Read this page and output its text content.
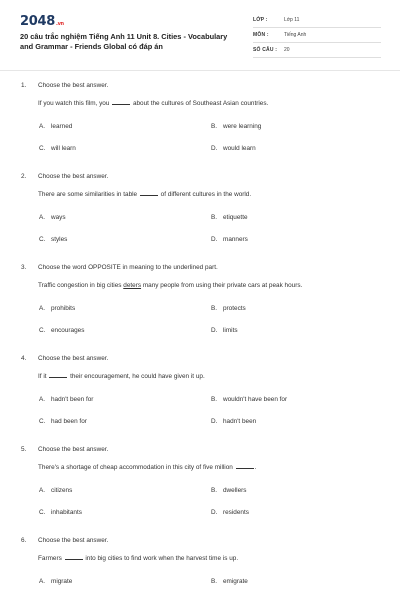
2048.vn
20 câu trắc nghiệm Tiếng Anh 11 Unit 8. Cities - Vocabulary and Grammar - Friends Global có đáp án
LỚP :	Lớp 11
MÔN :	Tiếng Anh
SỐ CÂU : 20
1. Choose the best answer.
If you watch this film, you	about the cultures of Southeast Asian countries.
A. learned	B. were learning
C. will learn	D. would learn
2. Choose the best answer.
There are some similarities in table	of different cultures in the world.
A. ways	B. etiquette
C. styles	D. manners
3. Choose the word OPPOSITE in meaning to the underlined part.
Traffic congestion in big cities deters many people from using their private cars at peak hours.
A. prohibits	B. protects
C. encourages	D. limits
4. Choose the best answer.
If it	their encouragement, he could have given it up.
A. hadn't been for	B. wouldn't have been for
C. had been for	D. hadn't been
5. Choose the best answer.
There's a shortage of cheap accommodation in this city of five million	.
A. citizens	B. dwellers
C. inhabitants	D. residents
6. Choose the best answer.
Farmers	into big cities to find work when the harvest time is up.
A. migrate	B. emigrate
